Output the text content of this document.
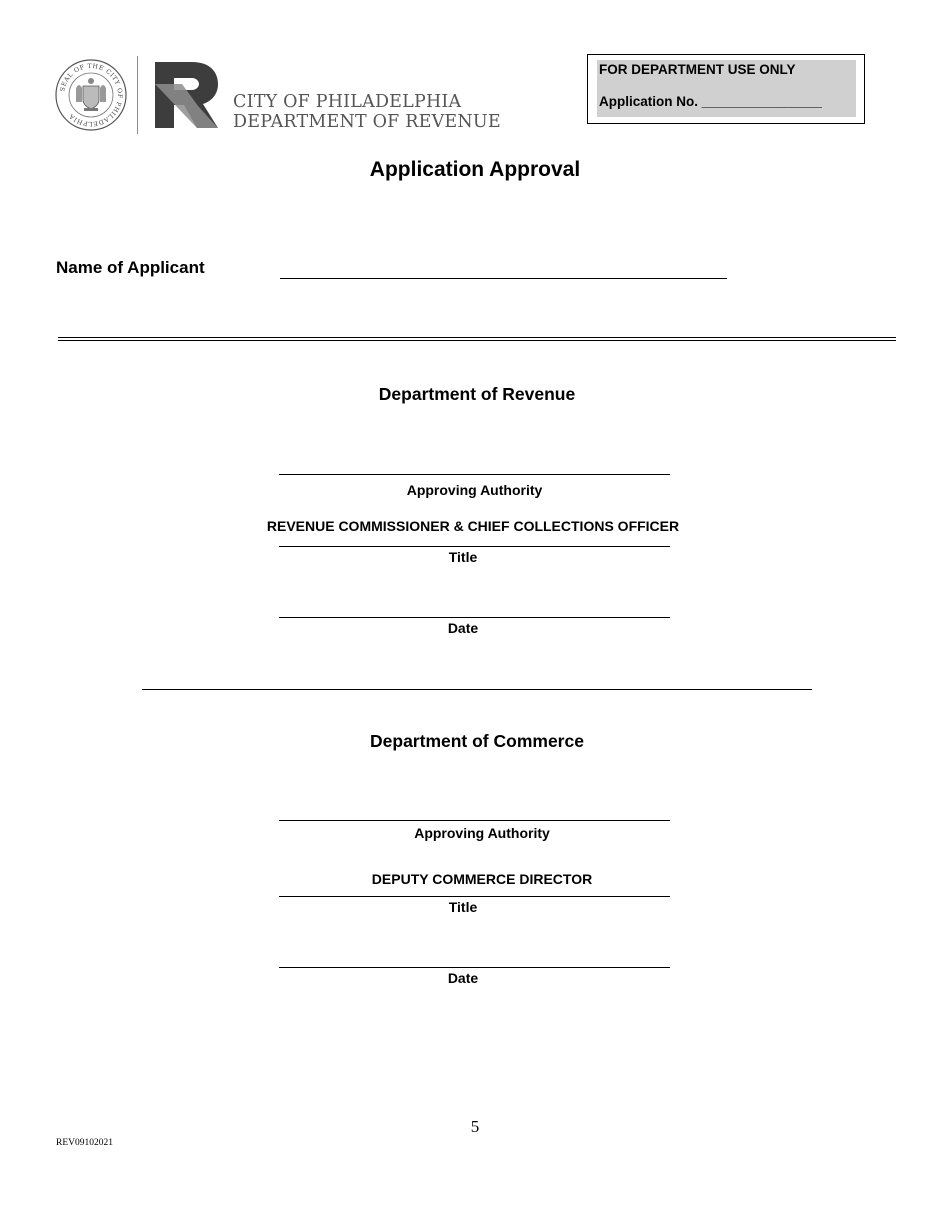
SEAL OF THE CITY OF PHILADELPHIA
CITY OF PHILADELPHIA
DEPARTMENT OF REVENUE
FOR DEPARTMENT USE ONLY
Application No. ________________
Application Approval
Name of Applicant
Department of Revenue
Approving Authority
REVENUE COMMISSIONER & CHIEF COLLECTIONS OFFICER
Title
Date
Department of Commerce
Approving Authority
DEPUTY COMMERCE DIRECTOR
Title
Date
5
REV09102021
